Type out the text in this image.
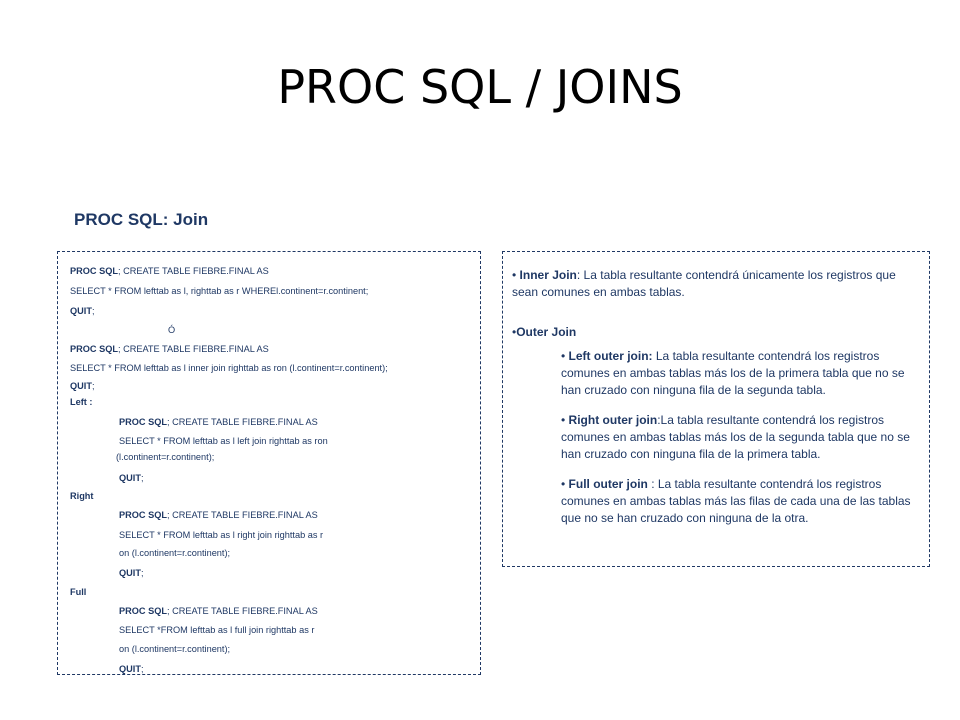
PROC SQL / JOINS
PROC SQL: Join
PROC SQL; CREATE TABLE FIEBRE.FINAL AS
SELECT * FROM lefttab as l, righttab as r WHEREl.continent=r.continent;
QUIT;
Ó
PROC SQL; CREATE TABLE FIEBRE.FINAL AS
SELECT * FROM lefttab as l inner join righttab as ron (l.continent=r.continent);
QUIT;
Left :
PROC SQL; CREATE TABLE FIEBRE.FINAL AS
SELECT * FROM lefttab as l left join righttab as ron
(l.continent=r.continent);
QUIT;
Right
PROC SQL; CREATE TABLE FIEBRE.FINAL AS
SELECT * FROM lefttab as l right join righttab as r
on (l.continent=r.continent);
QUIT;
Full
PROC SQL; CREATE TABLE FIEBRE.FINAL AS
SELECT *FROM lefttab as l full join righttab as r
on (l.continent=r.continent);
QUIT;
• Inner Join: La tabla resultante contendrá únicamente los registros que sean comunes en ambas tablas.
•Outer Join
• Left outer join: La tabla resultante contendrá los registros comunes en ambas tablas más los de la primera tabla que no se han cruzado con ninguna fila de la segunda tabla.
• Right outer join:La tabla resultante contendrá los registros comunes en ambas tablas más los de la segunda tabla que no se han cruzado con ninguna fila de la primera tabla.
• Full outer join : La tabla resultante contendrá los registros comunes en ambas tablas más las filas de cada una de las tablas que no se han cruzado con ninguna de la otra.
